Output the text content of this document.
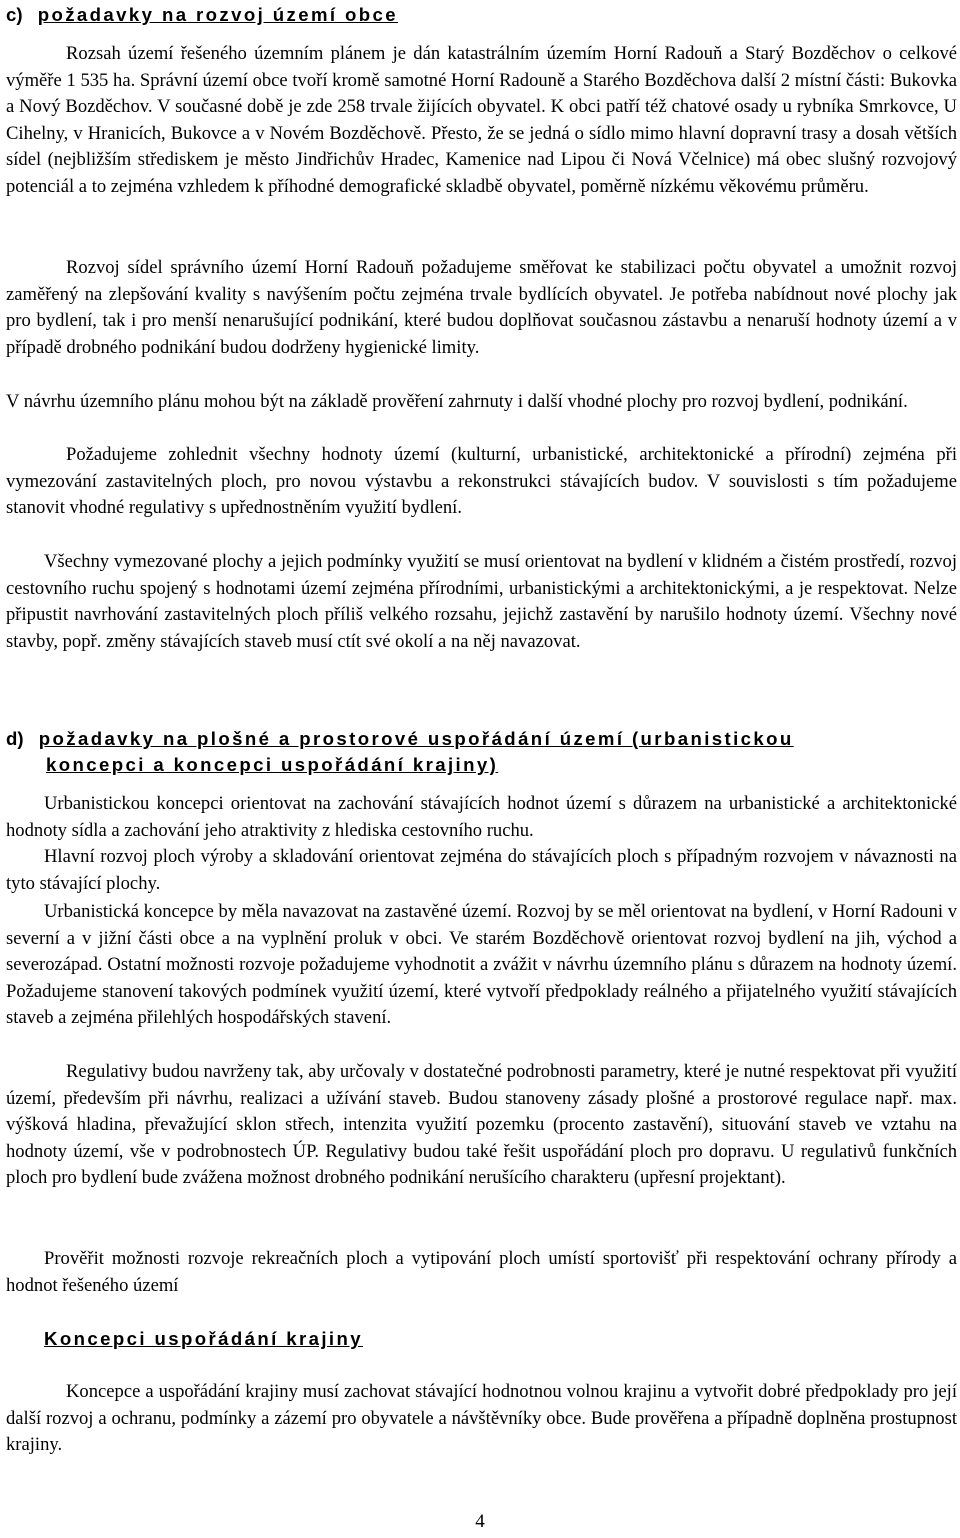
c) požadavky na rozvoj území obce

Rozsah území řešeného územním plánem je dán katastrálním územím Horní Radouň a Starý Bozděchov o celkové výměře 1 535 ha. Správní území obce tvoří kromě samotné Horní Radouně a Starého Bozděchova další 2 místní části: Bukovka a Nový Bozděchov. V současné době je zde 258 trvale žijících obyvatel. K obci patří též chatové osady u rybníka Smrkovce, U Cihelny, v Hranicích, Bukovce a v Novém Bozděchově. Přesto, že se jedná o sídlo mimo hlavní dopravní trasy a dosah větších sídel (nejbližším střediskem je město Jindřichův Hradec, Kamenice nad Lipou či Nová Včelnice) má obec slušný rozvojový potenciál a to zejména vzhledem k příhodné demografické skladbě obyvatel, poměrně nízkému věkovému průměru.

Rozvoj sídel správního území Horní Radouň požadujeme směřovat ke stabilizaci počtu obyvatel a umožnit rozvoj zaměřený na zlepšování kvality s navýšením počtu zejména trvale bydlících obyvatel. Je potřeba nabídnout nové plochy jak pro bydlení, tak i pro menší nenarušující podnikání, které budou doplňovat současnou zástavbu a nenaruší hodnoty území a v případě drobného podnikání budou dodrženy hygienické limity.

V návrhu územního plánu mohou být na základě prověření zahrnuty i další vhodné plochy pro rozvoj bydlení, podnikání.

Požadujeme zohlednit všechny hodnoty území (kulturní, urbanistické, architektonické a přírodní) zejména při vymezování zastavitelných ploch, pro novou výstavbu a rekonstrukci stávajících budov. V souvislosti s tím požadujeme stanovit vhodné regulativy s upřednostněním využití bydlení.

Všechny vymezované plochy a jejich podmínky využití se musí orientovat na bydlení v klidném a čistém prostředí, rozvoj cestovního ruchu spojený s hodnotami území zejména přírodními, urbanistickými a architektonickými, a je respektovat. Nelze připustit navrhování zastavitelných ploch příliš velkého rozsahu, jejichž zastavění by narušilo hodnoty území. Všechny nové stavby, popř. změny stávajících staveb musí ctít své okolí a na něj navazovat.

d) požadavky na plošné a prostorové uspořádání území (urbanistickou
koncepci a koncepci uspořádání krajiny)

Urbanistickou koncepci orientovat na zachování stávajících hodnot území s důrazem na urbanistické a architektonické hodnoty sídla a zachování jeho atraktivity z hlediska cestovního ruchu.

Hlavní rozvoj ploch výroby a skladování orientovat zejména do stávajících ploch s případným rozvojem v návaznosti na tyto stávající plochy.

Urbanistická koncepce by měla navazovat na zastavěné území. Rozvoj by se měl orientovat na bydlení, v Horní Radouni v severní a v jižní části obce a na vyplnění proluk v obci. Ve starém Bozděchově orientovat rozvoj bydlení na jih, východ a severozápad. Ostatní možnosti rozvoje požadujeme vyhodnotit a zvážit v návrhu územního plánu s důrazem na hodnoty území. Požadujeme stanovení takových podmínek využití území, které vytvoří předpoklady reálného a přijatelného využití stávajících staveb a zejména přilehlých hospodářských stavení.

Regulativy budou navrženy tak, aby určovaly v dostatečné podrobnosti parametry, které je nutné respektovat při využití území, především při návrhu, realizaci a užívání staveb. Budou stanoveny zásady plošné a prostorové regulace např. max. výšková hladina, převažující sklon střech, intenzita využití pozemku (procento zastavění), situování staveb ve vztahu na hodnoty území, vše v podrobnostech ÚP. Regulativy budou také řešit uspořádání ploch pro dopravu. U regulativů funkčních ploch pro bydlení bude zvážena možnost drobného podnikání nerušícího charakteru (upřesní projektant).

Prověřit možnosti rozvoje rekreačních ploch a vytipování ploch umístí sportovišť při respektování ochrany přírody a hodnot řešeného území

Koncepci uspořádání krajiny

Koncepce a uspořádání krajiny musí zachovat stávající hodnotnou volnou krajinu a vytvořit dobré předpoklady pro její další rozvoj a ochranu, podmínky a zázemí pro obyvatele a návštěvníky obce. Bude prověřena a případně doplněna prostupnost krajiny.

4
